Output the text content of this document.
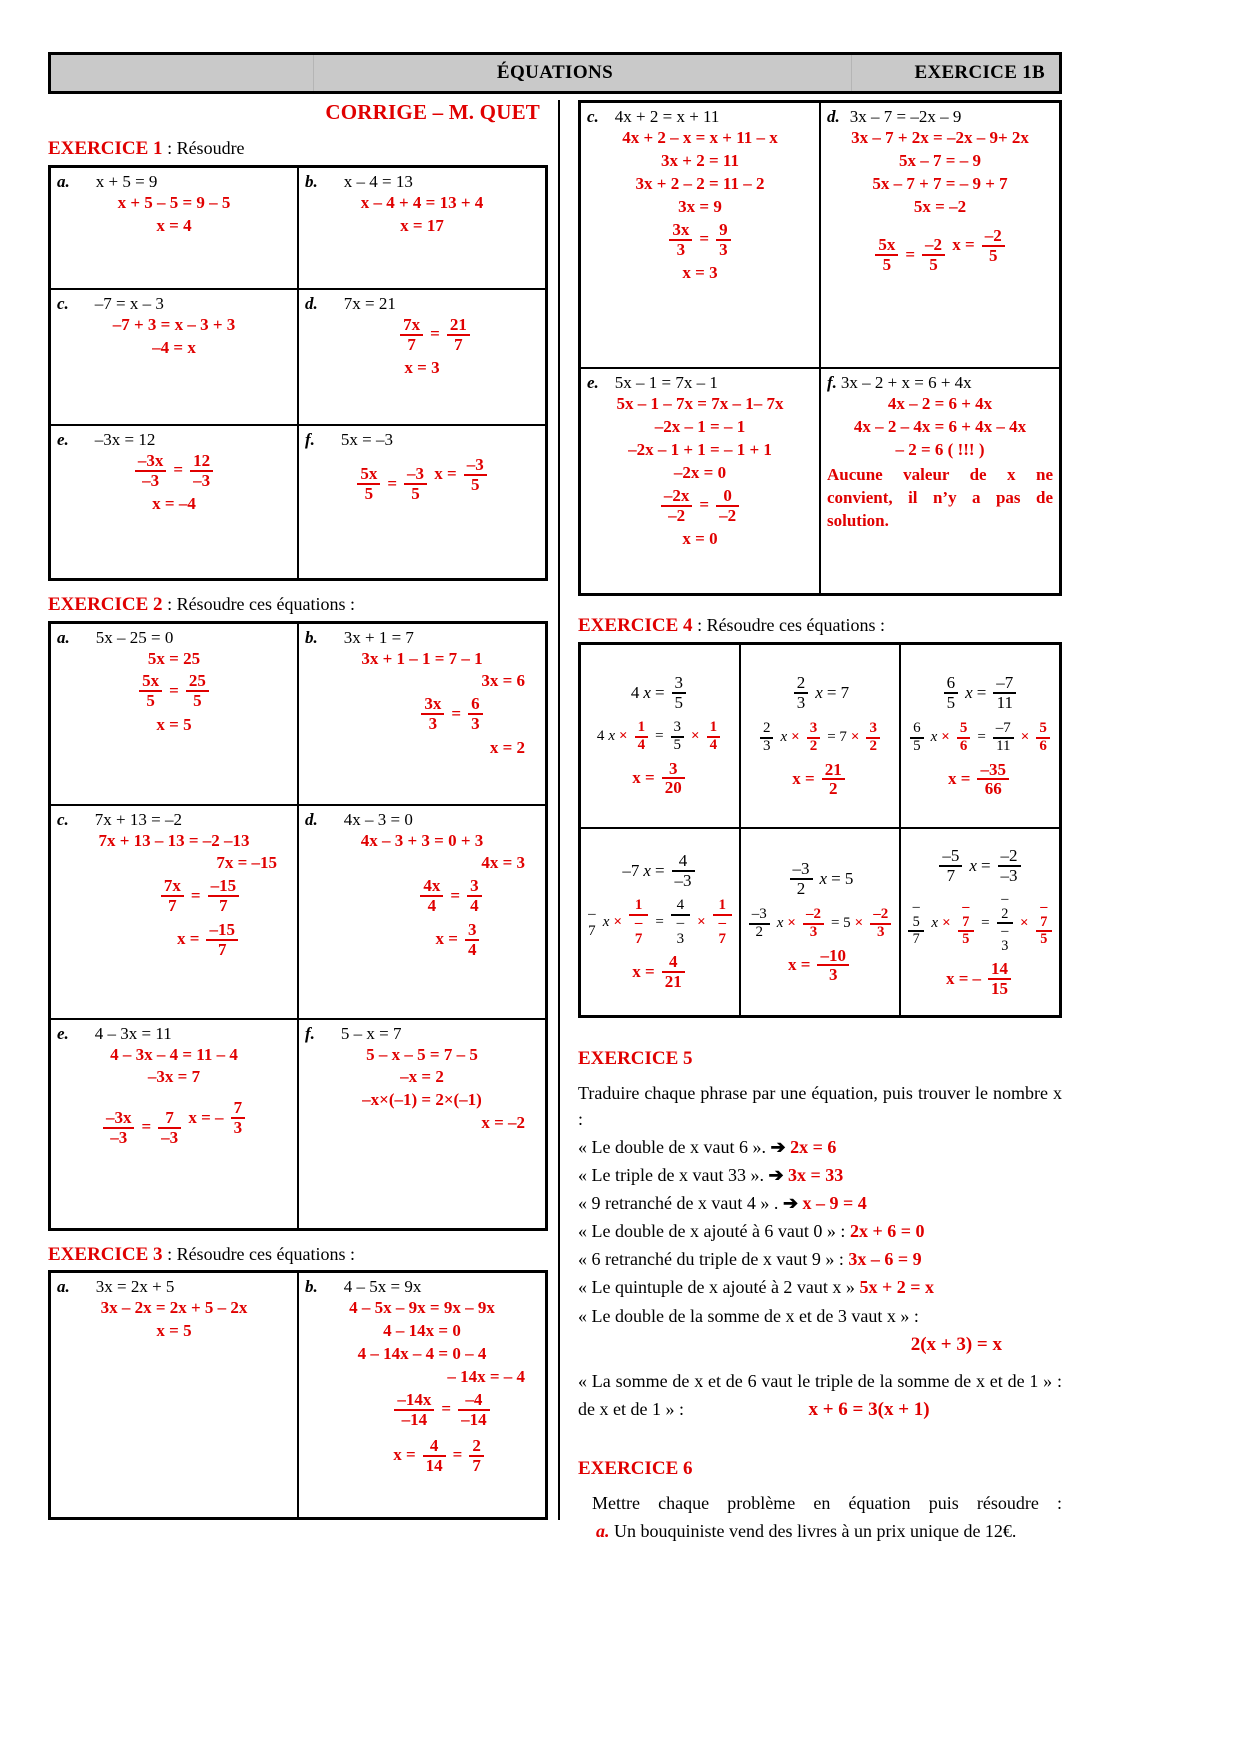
ÉQUATIONS	EXERCICE 1B
CORRIGE – M. QUET
EXERCICE 1 : Résoudre
a. x + 5 = 9
x + 5 – 5 = 9 – 5
x = 4

b. x – 4 = 13
x – 4 + 4 = 13 + 4
x = 17

c. –7 = x – 3
–7 + 3 = x – 3 + 3
–4 = x

d. 7x = 21
$\frac{7x}{7} = \frac{21}{7}$
x = 3

e. –3x = 12
$\frac{-3x}{-3} = \frac{12}{-3}$
x = –4

f. 5x = –3
$\frac{5x}{5} = \frac{-3}{5}$
$x = \frac{-3}{5}$
EXERCICE 2 : Résoudre ces équations :
a. 5x – 25 = 0
5x = 25
$\frac{5x}{5} = \frac{25}{5}$
x = 5

b. 3x + 1 = 7
3x + 1 – 1 = 7 – 1
3x = 6
$\frac{3x}{3} = \frac{6}{3}$
x = 2

c. 7x + 13 = –2
7x + 13 – 13 = –2 –13
7x = –15
$\frac{7x}{7} = \frac{-15}{7}$

$x = \frac{-15}{7}$

d. 4x – 3 = 0
4x – 3 + 3 = 0 + 3
4x = 3
$\frac{4x}{4} = \frac{3}{4}$

$x = \frac{3}{4}$

e. 4 – 3x = 11
4 – 3x – 4 = 11 – 4
–3x = 7
$\frac{-3x}{-3} = \frac{7}{-3}$
x = – $\frac{7}{3}$

f. 5 – x = 7
5 – x – 5 = 7 – 5
–x = 2
–x×(–1) = 2×(–1)
x = –2
EXERCICE 3 : Résoudre ces équations :
a. 3x = 2x + 5
3x – 2x = 2x + 5 – 2x
x = 5

b. 4 – 5x = 9x
4 – 5x – 9x = 9x – 9x
4 – 14x = 0
4 – 14x – 4 = 0 – 4
– 14x = – 4
$\frac{-14x}{-14} = \frac{-4}{-14}$

$x = \frac{4}{14} = \frac{2}{7}$
c. 4x + 2 = x + 11
4x + 2 – x = x + 11 – x
3x + 2 = 11
3x + 2 – 2 = 11 – 2
3x = 9
$\frac{3x}{3} = \frac{9}{3}$
x = 3

d. 3x – 7 = –2x – 9
3x – 7 + 2x = –2x – 9+ 2x
5x – 7 = – 9
5x – 7 + 7 = – 9 + 7
5x = –2
$\frac{5x}{5} = \frac{-2}{5}$
$x = \frac{-2}{5}$

e. 5x – 1 = 7x – 1
5x – 1 – 7x = 7x – 1– 7x
–2x – 1 = – 1
–2x – 1 + 1 = – 1 + 1
–2x = 0
$\frac{-2x}{-2} = \frac{0}{-2}$
x = 0

f. 3x – 2 + x = 6 + 4x
4x – 2 = 6 + 4x
4x – 2 – 4x = 6 + 4x – 4x
– 2 = 6 ( !!! )
Aucune valeur de x ne convient, il n’y a pas de solution.
EXERCICE 4 : Résoudre ces équations :
4 $x = \frac{3}{5}$
4 $x \times \frac{1}{4} = \frac{3}{5} \times \frac{1}{4}$
$x = \frac{3}{20}$

$\frac{2}{3}$ x = 7
$\frac{2}{3}$ $x \times \frac{3}{2} = 7 \times \frac{3}{2}$
$x = \frac{21}{2}$

$\frac{6}{5}$ $x = \frac{-7}{11}$
$\frac{6}{5}$ $x \times \frac{5}{6} = \frac{-7}{11} \times \frac{5}{6}$
$x = \frac{-35}{66}$

–7 $x = \frac{4}{-3}$
–7
$x \times \frac{1}{-7} = \frac{4}{-3} \times \frac{1}{-7}$
$x = \frac{4}{21}$

$\frac{-3}{2}$ x = 5
$\frac{-3}{2}$ $x \times \frac{-2}{3} = 5 \times \frac{-2}{3}$
$x = \frac{-10}{3}$

$\frac{-5}{7}$ $x = \frac{-2}{-3}$
$\frac{-5}{7}$ $x \times \frac{-7}{5} = \frac{-2}{-3} \times \frac{-7}{5}$
x = – $\frac{14}{15}$
EXERCICE 5

Traduire chaque phrase par une équation, puis trouver le nombre x :

« Le double de x vaut 6 ». ➔ 2x = 6

« Le triple de x vaut 33 ». ➔ 3x = 33

« 9 retranché de x vaut 4 » . ➔ x – 9 = 4

« Le double de x ajouté à 6 vaut 0 » : 2x + 6 = 0

« 6 retranché du triple de x vaut 9 » : 3x – 6 = 9

« Le quintuple de x ajouté à 2 vaut x » 5x + 2 = x

« Le double de la somme de x et de 3 vaut x » :

2(x + 3) = x

« La somme de x et de 6 vaut le triple de la somme de x et de 1 » :

de x et de 1 » :	x + 6 = 3(x + 1)

EXERCICE 6

Mettre chaque problème en équation puis résoudre :

a. Un bouquiniste vend des livres à un prix unique de 12€.
